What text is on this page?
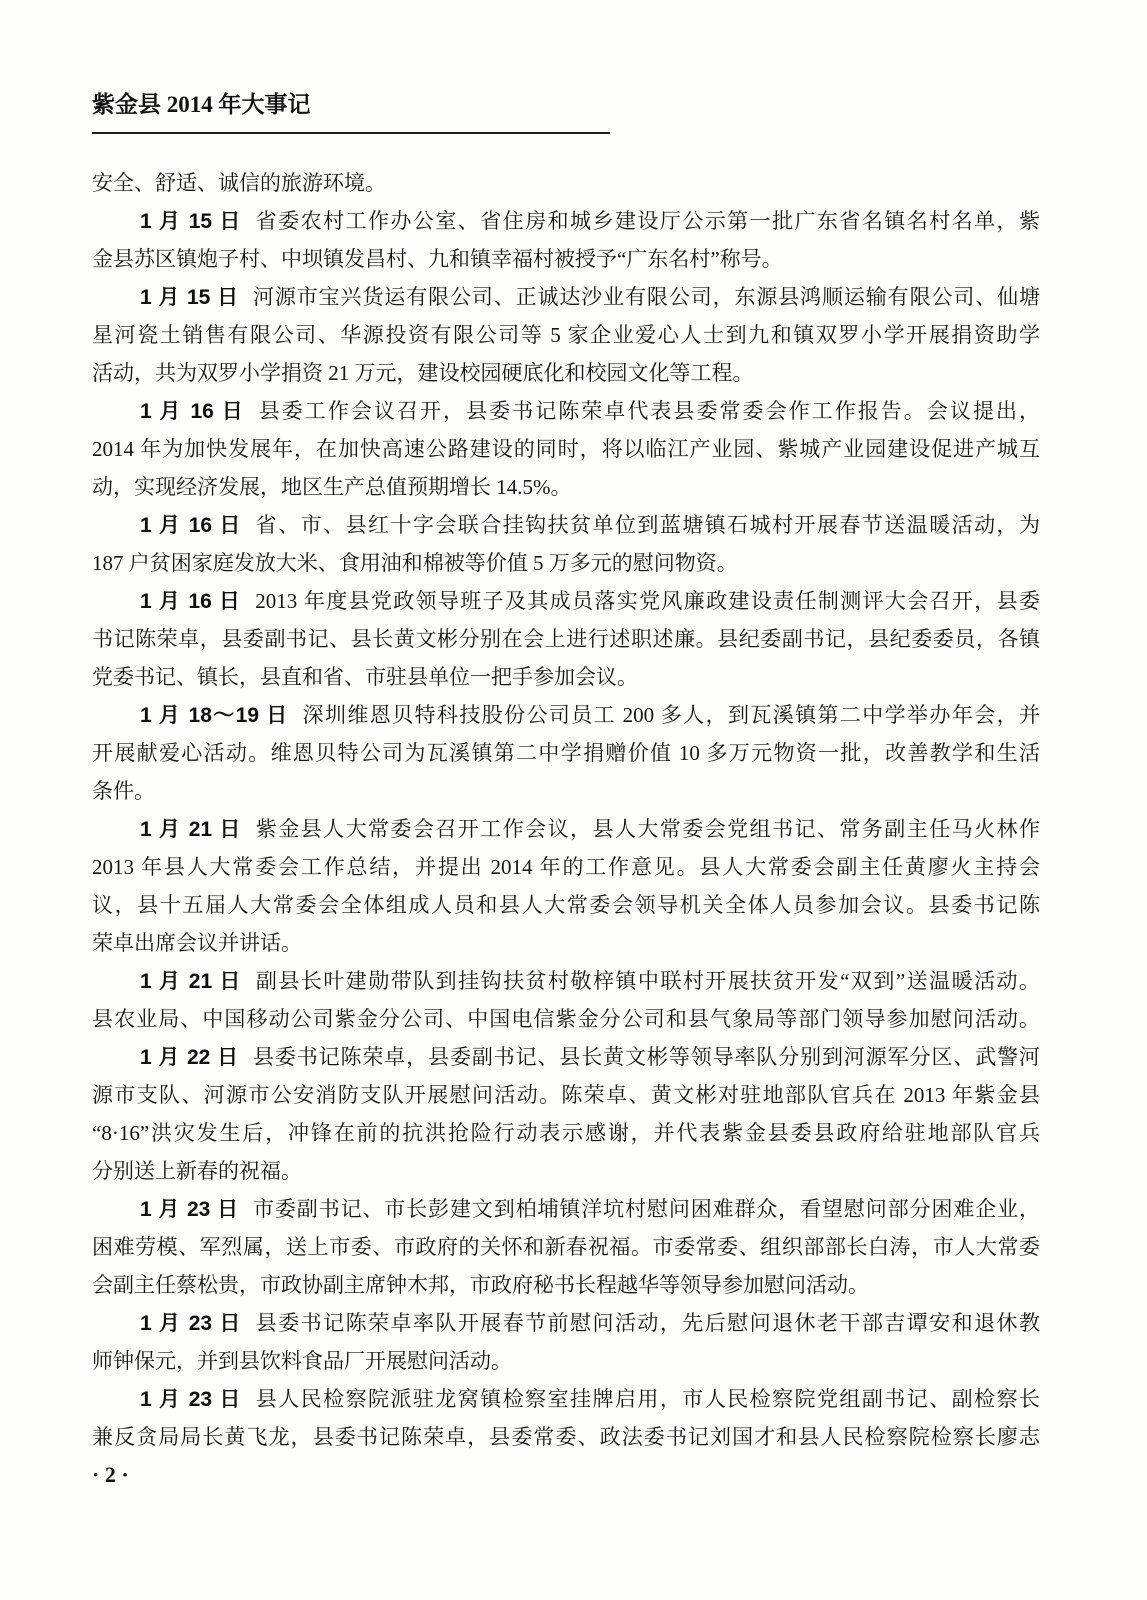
紫金县 2014 年大事记
安全、舒适、诚信的旅游环境。
1 月 15 日 省委农村工作办公室、省住房和城乡建设厅公示第一批广东省名镇名村名单，紫
金县苏区镇炮子村、中坝镇发昌村、九和镇幸福村被授予“广东名村”称号。
1 月 15 日 河源市宝兴货运有限公司、正诚达沙业有限公司，东源县鸿顺运输有限公司、仙塘
星河瓷土销售有限公司、华源投资有限公司等 5 家企业爱心人士到九和镇双罗小学开展捐资助学
活动，共为双罗小学捐资 21 万元，建设校园硬底化和校园文化等工程。
1 月 16 日 县委工作会议召开，县委书记陈荣卓代表县委常委会作工作报告。会议提出，
2014 年为加快发展年，在加快高速公路建设的同时，将以临江产业园、紫城产业园建设促进产城互
动，实现经济发展，地区生产总值预期增长 14.5%。
1 月 16 日 省、市、县红十字会联合挂钩扶贫单位到蓝塘镇石城村开展春节送温暖活动，为
187 户贫困家庭发放大米、食用油和棉被等价值 5 万多元的慰问物资。
1 月 16 日 2013 年度县党政领导班子及其成员落实党风廉政建设责任制测评大会召开，县委
书记陈荣卓，县委副书记、县长黄文彬分别在会上进行述职述廉。县纪委副书记，县纪委委员，各镇
党委书记、镇长，县直和省、市驻县单位一把手参加会议。
1 月 18～19 日 深圳维恩贝特科技股份公司员工 200 多人，到瓦溪镇第二中学举办年会，并
开展献爱心活动。维恩贝特公司为瓦溪镇第二中学捐赠价值 10 多万元物资一批，改善教学和生活
条件。
1 月 21 日 紫金县人大常委会召开工作会议，县人大常委会党组书记、常务副主任马火林作
2013 年县人大常委会工作总结，并提出 2014 年的工作意见。县人大常委会副主任黄廖火主持会
议，县十五届人大常委会全体组成人员和县人大常委会领导机关全体人员参加会议。县委书记陈
荣卓出席会议并讲话。
1 月 21 日 副县长叶建勋带队到挂钩扶贫村敬梓镇中联村开展扶贫开发“双到”送温暖活动。
县农业局、中国移动公司紫金分公司、中国电信紫金分公司和县气象局等部门领导参加慰问活动。
1 月 22 日 县委书记陈荣卓，县委副书记、县长黄文彬等领导率队分别到河源军分区、武警河
源市支队、河源市公安消防支队开展慰问活动。陈荣卓、黄文彬对驻地部队官兵在 2013 年紫金县
“8·16”洪灾发生后，冲锋在前的抗洪抢险行动表示感谢，并代表紫金县委县政府给驻地部队官兵
分别送上新春的祝福。
1 月 23 日 市委副书记、市长彭建文到柏埔镇洋坑村慰问困难群众，看望慰问部分困难企业，
困难劳模、军烈属，送上市委、市政府的关怀和新春祝福。市委常委、组织部部长白涛，市人大常委
会副主任蔡松贵，市政协副主席钟木邦，市政府秘书长程越华等领导参加慰问活动。
1 月 23 日 县委书记陈荣卓率队开展春节前慰问活动，先后慰问退休老干部吉谭安和退休教
师钟保元，并到县饮料食品厂开展慰问活动。
1 月 23 日 县人民检察院派驻龙窝镇检察室挂牌启用，市人民检察院党组副书记、副检察长
兼反贪局局长黄飞龙，县委书记陈荣卓，县委常委、政法委书记刘国才和县人民检察院检察长廖志
· 2 ·
